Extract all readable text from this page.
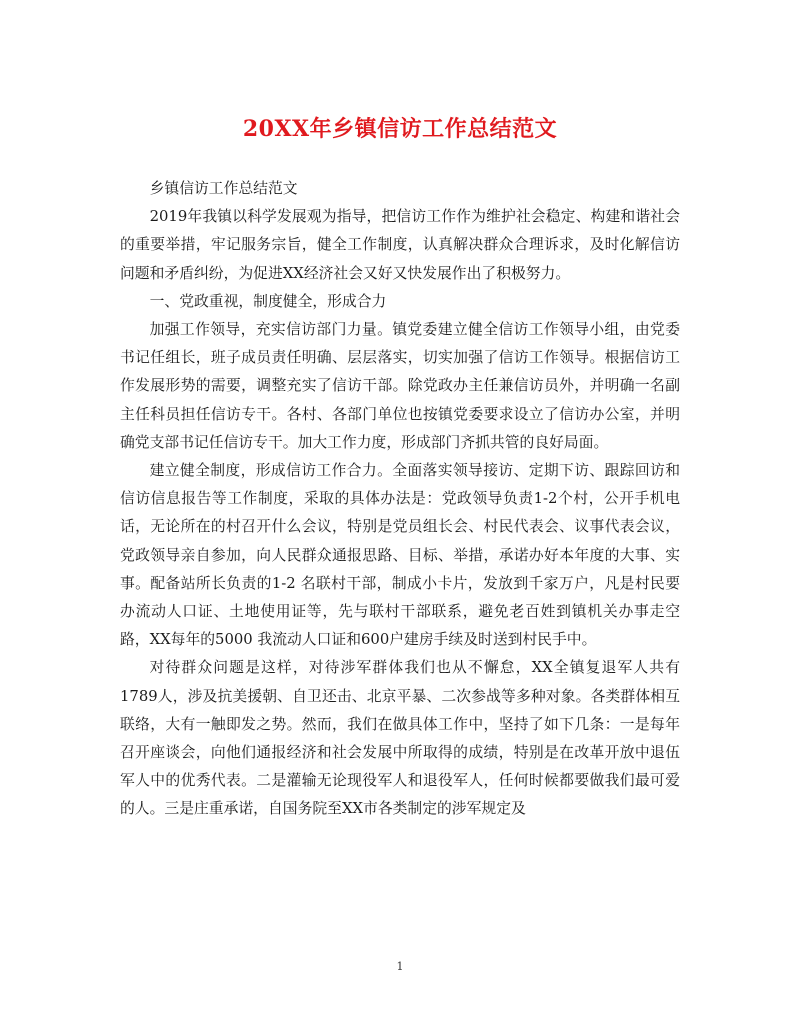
20XX年乡镇信访工作总结范文

乡镇信访工作总结范文

2019年我镇以科学发展观为指导，把信访工作作为维护社会稳定、构建和谐社会的重要举措，牢记服务宗旨，健全工作制度，认真解决群众合理诉求，及时化解信访问题和矛盾纠纷，为促进XX经济社会又好又快发展作出了积极努力。

一、党政重视，制度健全，形成合力

加强工作领导，充实信访部门力量。镇党委建立健全信访工作领导小组，由党委书记任组长，班子成员责任明确、层层落实，切实加强了信访工作领导。根据信访工作发展形势的需要，调整充实了信访干部。除党政办主任兼信访员外，并明确一名副主任科员担任信访专干。各村、各部门单位也按镇党委要求设立了信访办公室，并明确党支部书记任信访专干。加大工作力度，形成部门齐抓共管的良好局面。

建立健全制度，形成信访工作合力。全面落实领导接访、定期下访、跟踪回访和信访信息报告等工作制度，采取的具体办法是：党政领导负责1-2个村，公开手机电话，无论所在的村召开什么会议，特别是党员组长会、村民代表会、议事代表会议，党政领导亲自参加，向人民群众通报思路、目标、举措，承诺办好本年度的大事、实事。配备站所长负责的1-2 名联村干部，制成小卡片，发放到千家万户，凡是村民要办流动人口证、土地使用证等，先与联村干部联系，避免老百姓到镇机关办事走空路，XX每年的5000 我流动人口证和600户建房手续及时送到村民手中。

对待群众问题是这样，对待涉军群体我们也从不懈怠，XX全镇复退军人共有1789人，涉及抗美援朝、自卫还击、北京平暴、二次参战等多种对象。各类群体相互联络，大有一触即发之势。然而，我们在做具体工作中，坚持了如下几条：一是每年召开座谈会，向他们通报经济和社会发展中所取得的成绩，特别是在改革开放中退伍军人中的优秀代表。二是灌输无论现役军人和退役军人，任何时候都要做我们最可爱的人。三是庄重承诺，自国务院至XX市各类制定的涉军规定及

1
